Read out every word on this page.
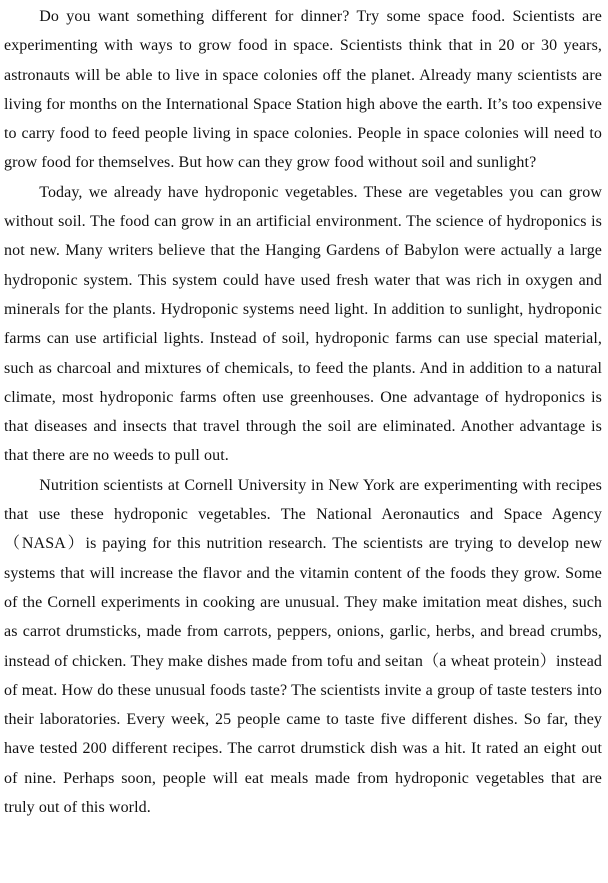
Do you want something different for dinner? Try some space food. Scientists are experimenting with ways to grow food in space. Scientists think that in 20 or 30 years, astronauts will be able to live in space colonies off the planet. Already many scientists are living for months on the International Space Station high above the earth. It’s too expensive to carry food to feed people living in space colonies. People in space colonies will need to grow food for themselves. But how can they grow food without soil and sunlight?

Today, we already have hydroponic vegetables. These are vegetables you can grow without soil. The food can grow in an artificial environment. The science of hydroponics is not new. Many writers believe that the Hanging Gardens of Babylon were actually a large hydroponic system. This system could have used fresh water that was rich in oxygen and minerals for the plants. Hydroponic systems need light. In addition to sunlight, hydroponic farms can use artificial lights. Instead of soil, hydroponic farms can use special material, such as charcoal and mixtures of chemicals, to feed the plants. And in addition to a natural climate, most hydroponic farms often use greenhouses. One advantage of hydroponics is that diseases and insects that travel through the soil are eliminated. Another advantage is that there are no weeds to pull out.

Nutrition scientists at Cornell University in New York are experimenting with recipes that use these hydroponic vegetables. The National Aeronautics and Space Agency（NASA）is paying for this nutrition research. The scientists are trying to develop new systems that will increase the flavor and the vitamin content of the foods they grow. Some of the Cornell experiments in cooking are unusual. They make imitation meat dishes, such as carrot drumsticks, made from carrots, peppers, onions, garlic, herbs, and bread crumbs, instead of chicken. They make dishes made from tofu and seitan（a wheat protein）instead of meat. How do these unusual foods taste? The scientists invite a group of taste testers into their laboratories. Every week, 25 people came to taste five different dishes. So far, they have tested 200 different recipes. The carrot drumstick dish was a hit. It rated an eight out of nine. Perhaps soon, people will eat meals made from hydroponic vegetables that are truly out of this world.
